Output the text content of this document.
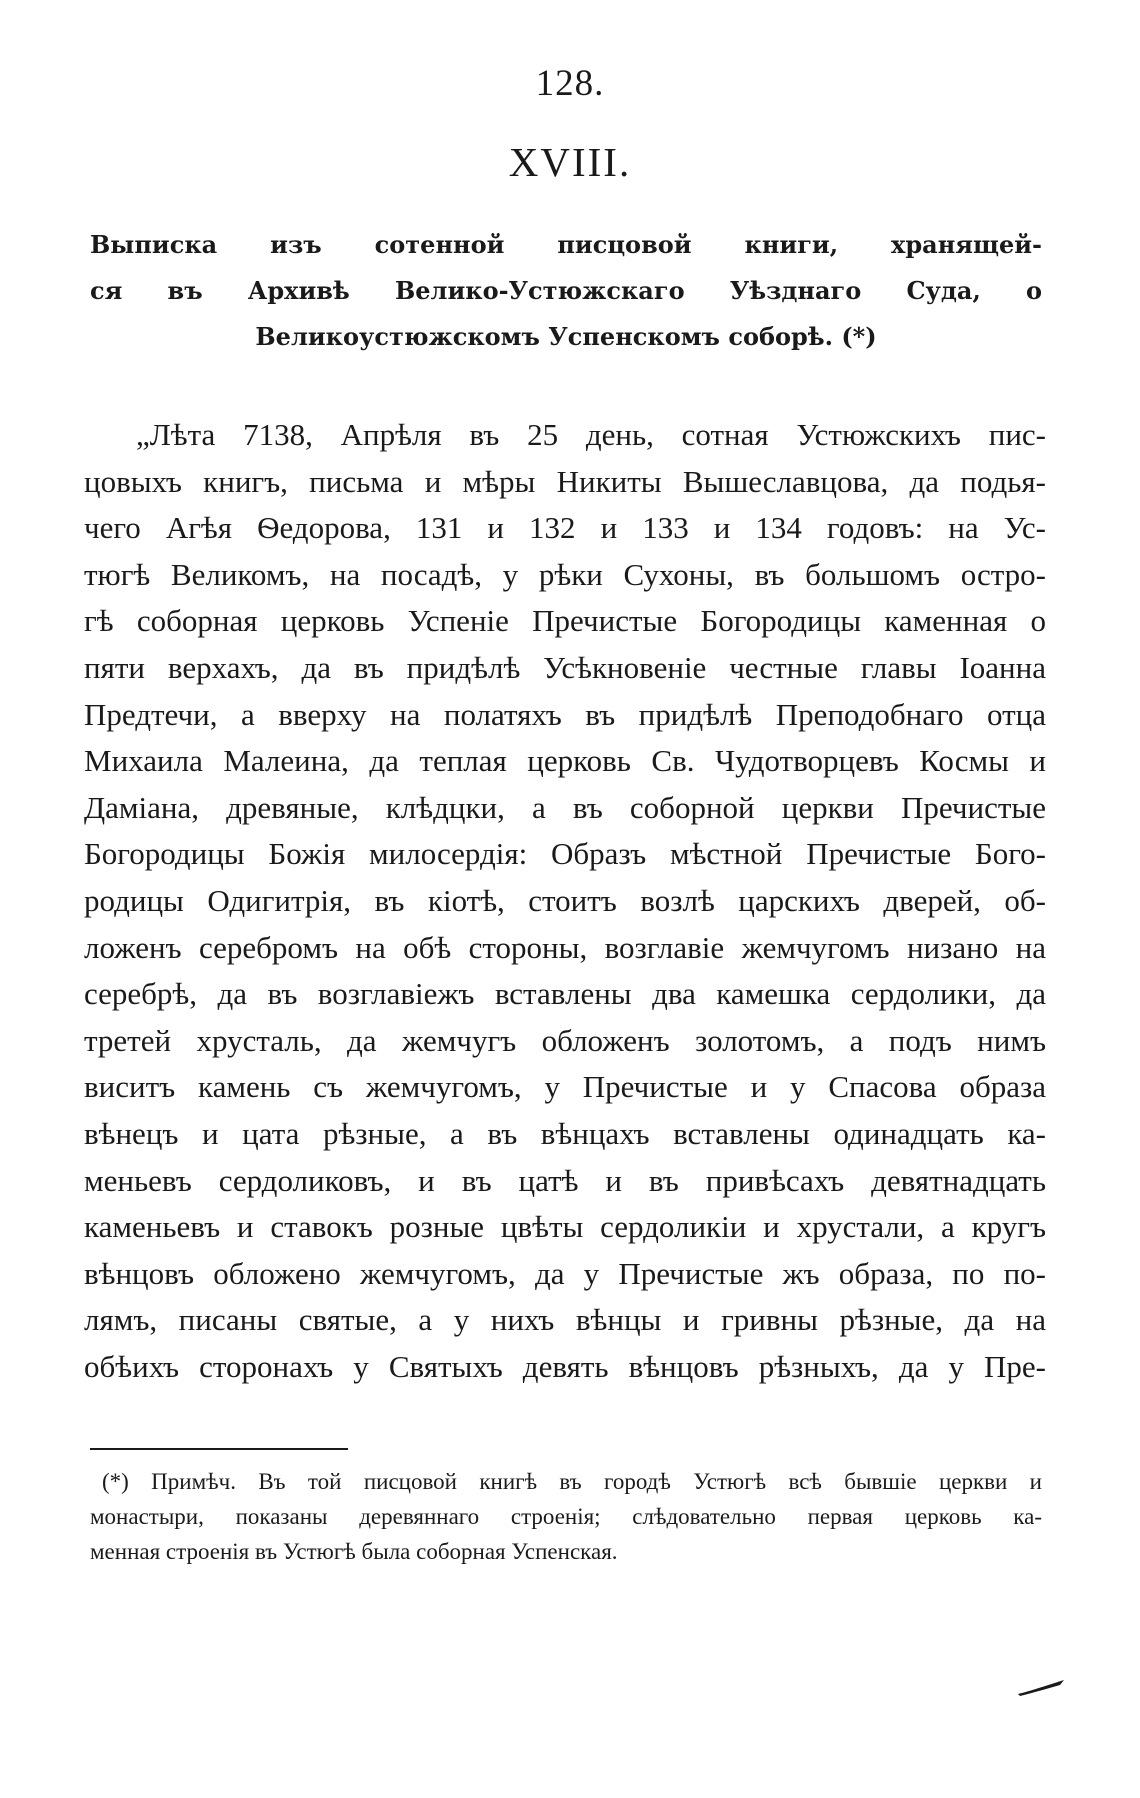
128.
XVIII.
Выписка изъ сотенной писцовой книги, хранящей-
ся въ Архивѣ Велико-Устюжскаго Уѣзднаго Суда, о
Великоустюжскомъ Успенскомъ соборѣ. (*)
„Лѣта 7138, Апрѣля въ 25 день, сотная Устюжскихъ пис-
цовыхъ книгъ, письма и мѣры Никиты Вышеславцова, да подья-
чего Агѣя Ѳедорова, 131 и 132 и 133 и 134 годовъ: на Ус-
тюгѣ Великомъ, на посадѣ, у рѣки Сухоны, въ большомъ остро-
гѣ соборная церковь Успеніе Пречистые Богородицы каменная о
пяти верхахъ, да въ придѣлѣ Усѣкновеніе честные главы Іоанна
Предтечи, а вверху на полатяхъ въ придѣлѣ Преподобнаго отца
Михаила Малеина, да теплая церковь Св. Чудотворцевъ Космы и
Даміана, древяные, клѣдцки, а въ соборной церкви Пречистые
Богородицы Божія милосердія: Образъ мѣстной Пречистые Бого-
родицы Одигитрія, въ кіотѣ, стоитъ возлѣ царскихъ дверей, об-
ложенъ серебромъ на обѣ стороны, возглавіе жемчугомъ низано на
серебрѣ, да въ возглавіежъ вставлены два камешка сердолики, да
третей хрусталь, да жемчугъ обложенъ золотомъ, а подъ нимъ
виситъ камень съ жемчугомъ, у Пречистые и у Спасова образа
вѣнецъ и цата рѣзные, а въ вѣнцахъ вставлены одинадцать ка-
меньевъ сердоликовъ, и въ цатѣ и въ привѣсахъ девятнадцать
каменьевъ и ставокъ розные цвѣты сердоликіи и хрустали, а кругъ
вѣнцовъ обложено жемчугомъ, да у Пречистые жъ образа, по по-
лямъ, писаны святые, а у нихъ вѣнцы и гривны рѣзные, да на
обѣихъ сторонахъ у Святыхъ девять вѣнцовъ рѣзныхъ, да у Пре-
(*) Примѣч. Въ той писцовой книгѣ въ городѣ Устюгѣ всѣ бывшіе церкви и
монастыри, показаны деревяннаго строенія; слѣдовательно первая церковь ка-
менная строенія въ Устюгѣ была соборная Успенская.
